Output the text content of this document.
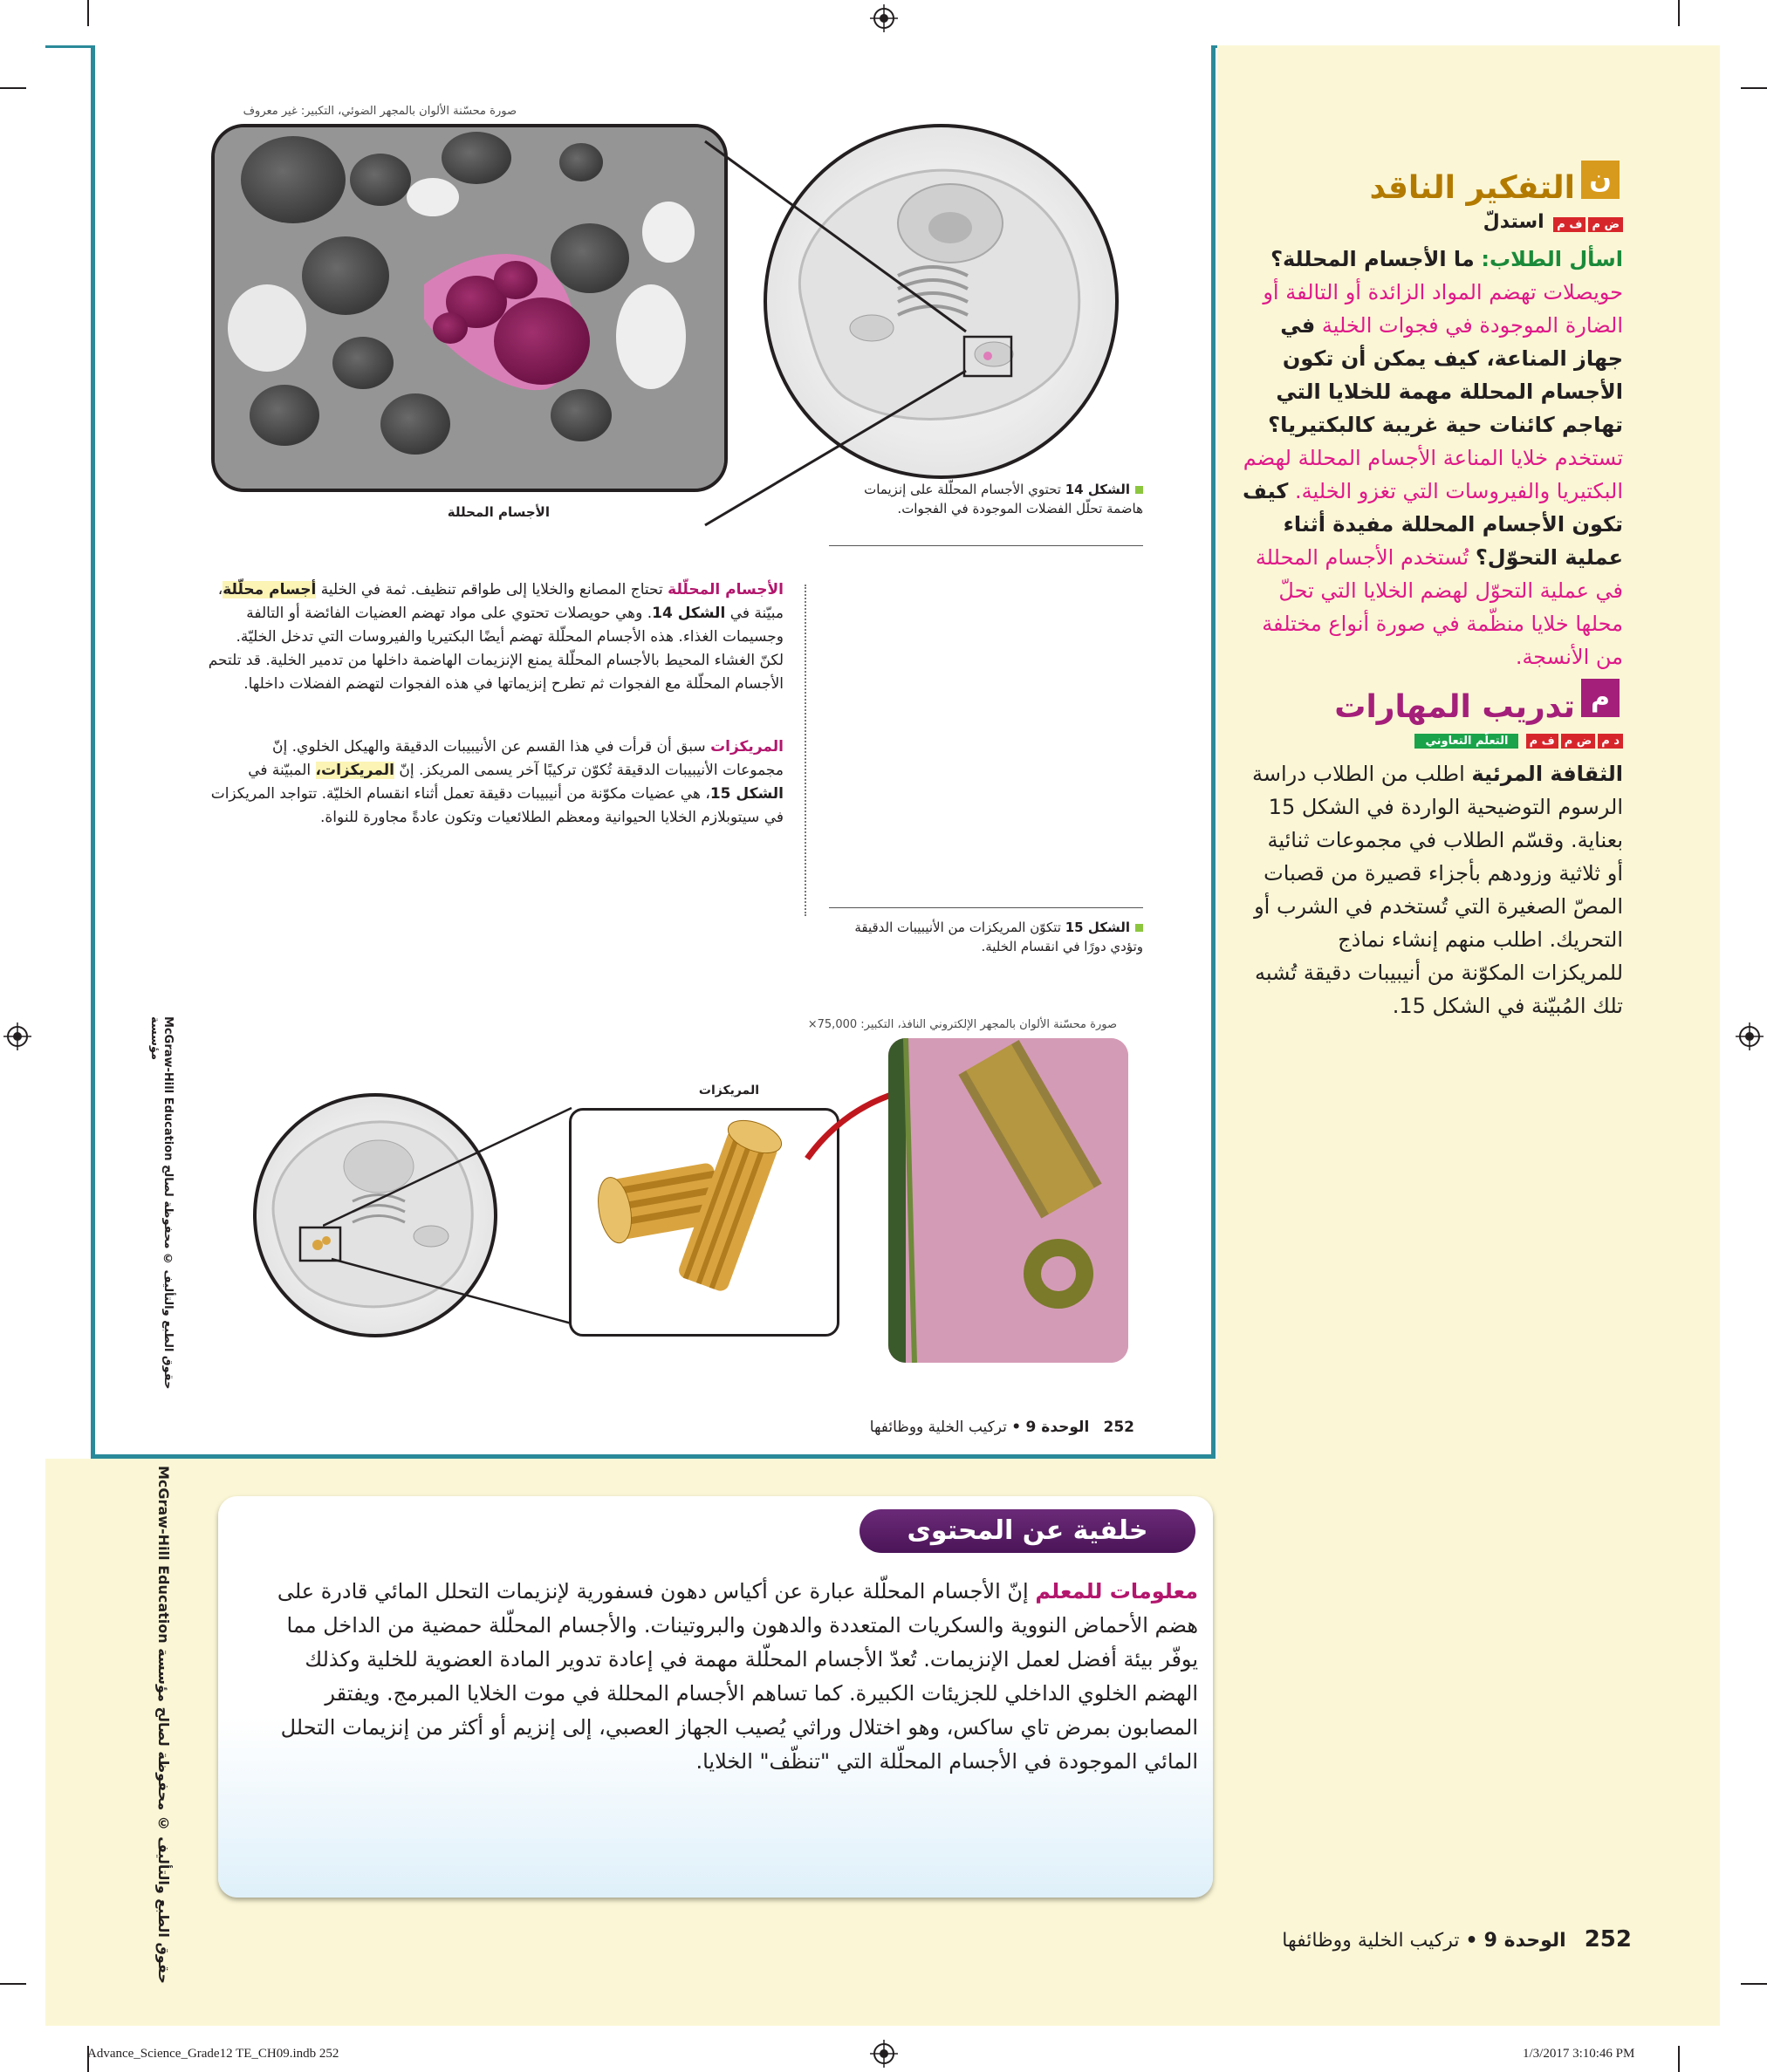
صورة محسّنة الألوان بالمجهر الضوئي، التكبير: غير معروف
الأجسام المحللة
الشكل 14 تحتوي الأجسام المحلّلة على إنزيمات هاضمة تحلّل الفضلات الموجودة في الفجوات.
الأجسام المحلّلة تحتاج المصانع والخلايا إلى طواقم تنظيف. ثمة في الخلية أجسام محلّلة، مبيّنة في الشكل 14. وهي حويصلات تحتوي على مواد تهضم العضيات الفائضة أو التالفة وجسيمات الغذاء. هذه الأجسام المحلّلة تهضم أيضًا البكتيريا والفيروسات التي تدخل الخليّة. لكنّ الغشاء المحيط بالأجسام المحلّلة يمنع الإنزيمات الهاضمة داخلها من تدمير الخلية. قد تلتحم الأجسام المحلّلة مع الفجوات ثم تطرح إنزيماتها في هذه الفجوات لتهضم الفضلات داخلها.
المريكزات سبق أن قرأت في هذا القسم عن الأنيبيبات الدقيقة والهيكل الخلوي. إنّ مجموعات الأنيبيبات الدقيقة تُكوّن تركيبًا آخر يسمى المريكز. إنّ المريكزات، المبيّنة في الشكل 15، هي عضيات مكوّنة من أنيبيبات دقيقة تعمل أثناء انقسام الخليّة. تتواجد المريكزات في سيتوبلازم الخلايا الحيوانية ومعظم الطلائعيات وتكون عادةً مجاورة للنواة.
الشكل 15 تتكوّن المريكزات من الأنيبيبات الدقيقة وتؤدي دورًا في انقسام الخلية.
صورة محسّنة الألوان بالمجهر الإلكتروني النافذ، التكبير: 75,000×
المريكزات
McGraw-Hill Education حقوق الطبع والتأليف © محفوظة لصالح مؤسسة
252   الوحدة 9 • تركيب الخلية ووظائفها
ن
التفكير الناقد
ض مف م استدلّ
اسأل الطلاب: ما الأجسام المحللة؟ حويصلات تهضم المواد الزائدة أو التالفة أو الضارة الموجودة في فجوات الخلية في جهاز المناعة، كيف يمكن أن تكون الأجسام المحللة مهمة للخلايا التي تهاجم كائنات حية غريبة كالبكتيريا؟ تستخدم خلايا المناعة الأجسام المحللة لهضم البكتيريا والفيروسات التي تغزو الخلية. كيف تكون الأجسام المحللة مفيدة أثناء عملية التحوّل؟ تُستخدم الأجسام المحللة في عملية التحوّل لهضم الخلايا التي تحلّ محلها خلايا منظّمة في صورة أنواع مختلفة من الأنسجة.
م
تدريب المهارات
د مض مف م التعلّم التعاوني
الثقافة المرئية اطلب من الطلاب دراسة الرسوم التوضيحية الواردة في الشكل 15 بعناية. وقسّم الطلاب في مجموعات ثنائية أو ثلاثية وزودهم بأجزاء قصيرة من قصبات المصّ الصغيرة التي تُستخدم في الشرب أو التحريك. اطلب منهم إنشاء نماذج للمريكزات المكوّنة من أنيبيبات دقيقة تُشبه تلك المُبيّنة في الشكل 15.
McGraw-Hill Education حقوق الطبع والتأليف © محفوظة لصالح مؤسسة
خلفية عن المحتوى
معلومات للمعلم إنّ الأجسام المحلّلة عبارة عن أكياس دهون فسفورية لإنزيمات التحلل المائي قادرة على هضم الأحماض النووية والسكريات المتعددة والدهون والبروتينات. والأجسام المحلّلة حمضية من الداخل مما يوفّر بيئة أفضل لعمل الإنزيمات. تُعدّ الأجسام المحلّلة مهمة في إعادة تدوير المادة العضوية للخلية وكذلك الهضم الخلوي الداخلي للجزيئات الكبيرة. كما تساهم الأجسام المحللة في موت الخلايا المبرمج. ويفتقر المصابون بمرض تاي ساكس، وهو اختلال وراثي يُصيب الجهاز العصبي، إلى إنزيم أو أكثر من إنزيمات التحلل المائي الموجودة في الأجسام المحلّلة التي "تنظّف" الخلايا.
252   الوحدة 9 • تركيب الخلية ووظائفها
Advance_Science_Grade12 TE_CH09.indb 252	1/3/2017 3:10:46 PM
